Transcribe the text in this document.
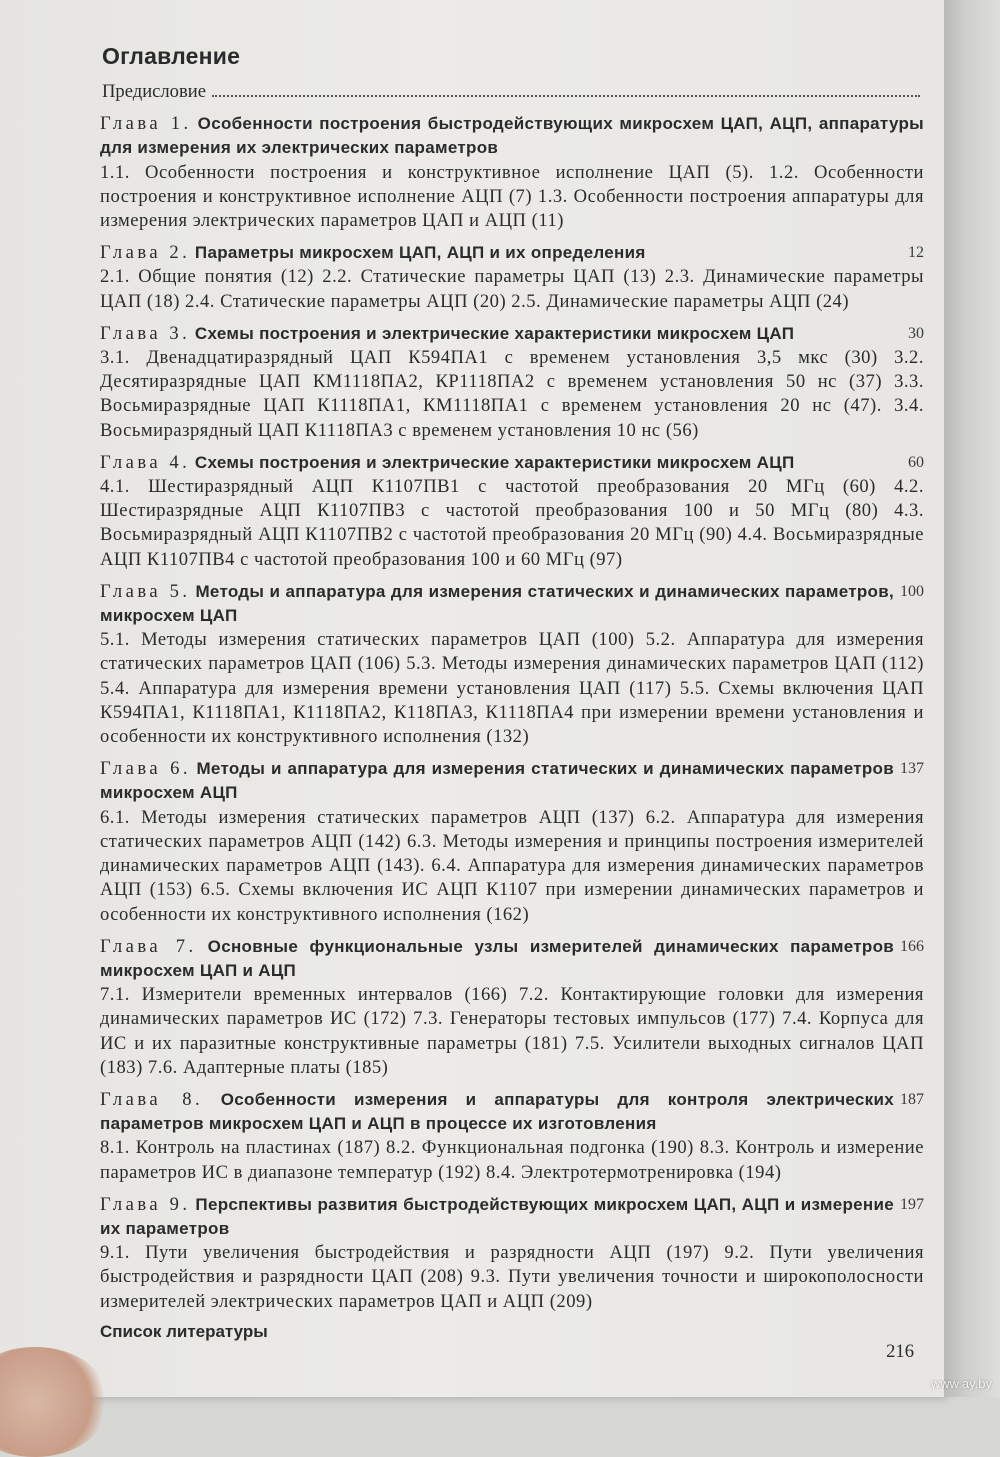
Оглавление
Предисловие
Глава 1. Особенности построения быстродействующих микросхем ЦАП, АЦП, аппаратуры для измерения их электрических параметров
1.1. Особенности построения и конструктивное исполнение ЦАП (5). 1.2. Особенности построения и конструктивное исполнение АЦП (7) 1.3. Особенности построения аппаратуры для измерения электрических параметров ЦАП и АЦП (11)
12
Глава 2. Параметры микросхем ЦАП, АЦП и их определения
2.1. Общие понятия (12) 2.2. Статические параметры ЦАП (13) 2.3. Динамические параметры ЦАП (18) 2.4. Статические параметры АЦП (20) 2.5. Динамические параметры АЦП (24)
30
Глава 3. Схемы построения и электрические характеристики микросхем ЦАП
3.1. Двенадцатиразрядный ЦАП К594ПА1 с временем установления 3,5 мкс (30) 3.2. Десятиразрядные ЦАП КМ1118ПА2, КР1118ПА2 с временем установления 50 нс (37) 3.3. Восьмиразрядные ЦАП К1118ПА1, КМ1118ПА1 с временем установления 20 нс (47). 3.4. Восьмиразрядный ЦАП К1118ПА3 с временем установления 10 нс (56)
60
Глава 4. Схемы построения и электрические характеристики микросхем АЦП
4.1. Шестиразрядный АЦП К1107ПВ1 с частотой преобразования 20 МГц (60) 4.2. Шестиразрядные АЦП К1107ПВ3 с частотой преобразования 100 и 50 МГц (80) 4.3. Восьмиразрядный АЦП К1107ПВ2 с частотой преобразования 20 МГц (90) 4.4. Восьмиразрядные АЦП К1107ПВ4 с частотой преобразования 100 и 60 МГц (97)
100
Глава 5. Методы и аппаратура для измерения статических и динамических параметров, микросхем ЦАП
5.1. Методы измерения статических параметров ЦАП (100) 5.2. Аппаратура для измерения статических параметров ЦАП (106) 5.3. Методы измерения динамических параметров ЦАП (112) 5.4. Аппаратура для измерения времени установления ЦАП (117) 5.5. Схемы включения ЦАП К594ПА1, К1118ПА1, К1118ПА2, К118ПА3, К1118ПА4 при измерении времени установления и особенности их конструктивного исполнения (132)
137
Глава 6. Методы и аппаратура для измерения статических и динамических параметров микросхем АЦП
6.1. Методы измерения статических параметров АЦП (137) 6.2. Аппаратура для измерения статических параметров АЦП (142) 6.3. Методы измерения и принципы построения измерителей динамических параметров АЦП (143). 6.4. Аппаратура для измерения динамических параметров АЦП (153) 6.5. Схемы включения ИС АЦП К1107 при измерении динамических параметров и особенности их конструктивного исполнения (162)
166
Глава 7. Основные функциональные узлы измерителей динамических параметров микросхем ЦАП и АЦП
7.1. Измерители временных интервалов (166) 7.2. Контактирующие головки для измерения динамических параметров ИС (172) 7.3. Генераторы тестовых импульсов (177) 7.4. Корпуса для ИС и их паразитные конструктивные параметры (181) 7.5. Усилители выходных сигналов ЦАП (183) 7.6. Адаптерные платы (185)
187
Глава 8. Особенности измерения и аппаратуры для контроля электрических параметров микросхем ЦАП и АЦП в процессе их изготовления
8.1. Контроль на пластинах (187) 8.2. Функциональная подгонка (190) 8.3. Контроль и измерение параметров ИС в диапазоне температур (192) 8.4. Электротермотренировка (194)
197
Глава 9. Перспективы развития быстродействующих микросхем ЦАП, АЦП и измерение их параметров
9.1. Пути увеличения быстродействия и разрядности АЦП (197) 9.2. Пути увеличения быстродействия и разрядности ЦАП (208) 9.3. Пути увеличения точности и широкополосности измерителей электрических параметров ЦАП и АЦП (209)
Список литературы
216
www.ay.by
